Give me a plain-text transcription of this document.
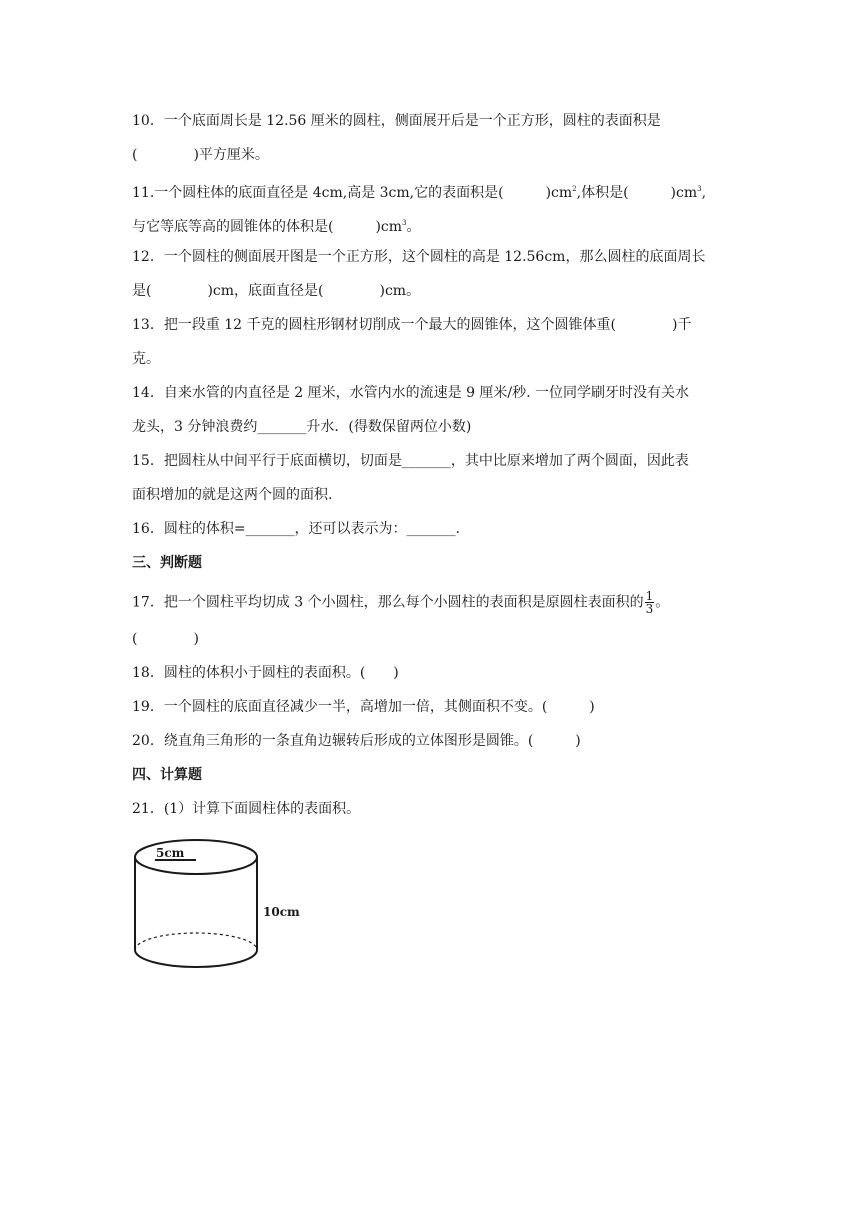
10．一个底面周长是 12.56 厘米的圆柱，侧面展开后是一个正方形，圆柱的表面积是
(　　　　)平方厘米。
11.一个圆柱体的底面直径是 4cm,高是 3cm,它的表面积是(　　　)$cm^2$,体积是(　　　)$cm^3$,
与它等底等高的圆锥体的体积是(　　　)$cm^3$。
12．一个圆柱的侧面展开图是一个正方形，这个圆柱的高是 12.56cm，那么圆柱的底面周长
是(　　　　)cm，底面直径是(　　　　)cm。
13．把一段重 12 千克的圆柱形钢材切削成一个最大的圆锥体，这个圆锥体重(　　　　)千
克。
14．自来水管的内直径是 2 厘米，水管内水的流速是 9 厘米/秒. 一位同学刷牙时没有关水
龙头，3 分钟浪费约_______升水．(得数保留两位小数)
15．把圆柱从中间平行于底面横切，切面是_______，其中比原来增加了两个圆面，因此表
面积增加的就是这两个圆的面积.
16．圆柱的体积=_______，还可以表示为：_______.
三、判断题
17．把一个圆柱平均切成 3 个小圆柱，那么每个小圆柱的表面积是原圆柱表面积的 $\frac{1}{3}$ 。
(　　　　)
18．圆柱的体积小于圆柱的表面积。(　　)
19．一个圆柱的底面直径减少一半，高增加一倍，其侧面积不变。(　　　)
20．绕直角三角形的一条直角边辗转后形成的立体图形是圆锥。(　　　)
四、计算题
21．(1）计算下面圆柱体的表面积。
5cm
10cm
